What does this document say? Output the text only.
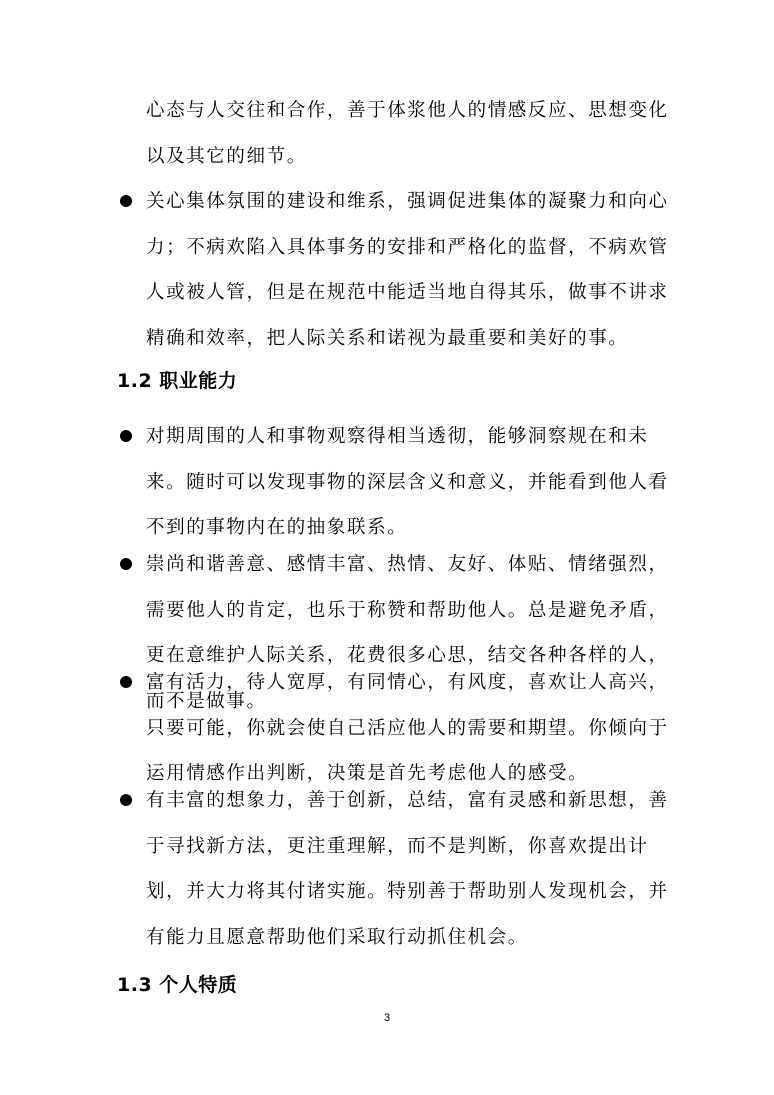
心态与人交往和合作，善于体浆他人的情感反应、思想变化以及其它的细节。

关心集体氛围的建设和维系，强调促进集体的凝聚力和向心力；不病欢陷入具体事务的安排和严格化的监督，不病欢管人或被人管，但是在规范中能适当地自得其乐，做事不讲求精确和效率，把人际关系和诺视为最重要和美好的事。
1.2 职业能力
对期周围的人和事物观察得相当透彻，能够洞察规在和未来。随时可以发现事物的深层含义和意义，并能看到他人看不到的事物内在的抽象联系。
崇尚和谐善意、感情丰富、热情、友好、体贴、情绪强烈，需要他人的肯定，也乐于称赞和帮助他人。总是避免矛盾，更在意维护人际关系，花费很多心思，结交各种各样的人，而不是做事。
富有活力，待人宽厚，有同情心，有风度，喜欢让人高兴，只要可能，你就会使自己活应他人的需要和期望。你倾向于运用情感作出判断，决策是首先考虑他人的感受。
有丰富的想象力，善于创新，总结，富有灵感和新思想，善于寻找新方法，更注重理解，而不是判断，你喜欢提出计划，并大力将其付诸实施。特别善于帮助别人发现机会，并有能力且愿意帮助他们采取行动抓住机会。
1.3 个人特质
3
